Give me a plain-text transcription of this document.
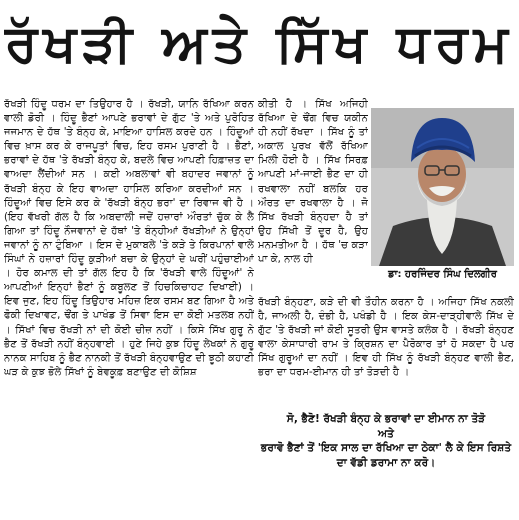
ਰੱਖੜੀ ਅਤੇ ਸਿੱਖ ਧਰਮ

ਰੱਖੜੀ ਹਿੰਦੂ ਧਰਮ ਦਾ ਤਿਉਹਾਰ ਹੈ । ਰੱਖੜੀ, ਯਾਨਿ ਰੱਖਿਆ ਕਰਨ ਵਾਲੀ ਡੋਰੀ । ਹਿੰਦੂ ਭੈਣਾਂ ਆਪਣੇ ਭਰਾਵਾਂ ਦੇ ਗੁੱਟ 'ਤੇ ਅਤੇ ਪੁਰੋਹਿਤ ਜਜਮਾਨ ਦੇ ਹੱਥ 'ਤੇ ਬੰਨ੍ਹ ਕੇ, ਮਾਇਆ ਹਾਸਿਲ ਕਰਦੇ ਹਨ । ਹਿੰਦੂਆਂ ਵਿਚ ਖ਼ਾਸ ਕਰ ਕੇ ਰਾਜਪੂਤਾਂ ਵਿਚ, ਇਹ ਰਸਮ ਪੁਰਾਣੀ ਹੈ । ਭੈਣਾਂ, ਭਰਾਵਾਂ ਦੇ ਹੱਥ 'ਤੇ ਰੱਖੜੀ ਬੰਨ੍ਹ ਕੇ, ਬਦਲੇ ਵਿਚ ਆਪਣੀ ਹਿਫ਼ਾਜ਼ਤ ਦਾ ਵਾਅਦਾ ਲੈਂਦੀਆਂ ਸਨ । ਕਈ ਅਬਲਾਵਾਂ ਵੀ ਬਹਾਦਰ ਜਵਾਨਾਂ ਨੂੰ ਰੱਖੜੀ ਬੰਨ੍ਹ ਕੇ ਇਹ ਵਾਅਦਾ ਹਾਸਿਲ ਕਰਿਆ ਕਰਦੀਆਂ ਸਨ । ਹਿੰਦੂਆਂ ਵਿਚ ਇਸੇ ਕਰ ਕੇ 'ਰੱਖੜੀ ਬੰਨ੍ਹ ਭਰਾ' ਦਾ ਰਿਵਾਜ ਵੀ ਹੈ । (ਇਹ ਵੱਖਰੀ ਗੱਲ ਹੈ ਕਿ ਅਬਦਾਲੀ ਜਦੋਂ ਹਜ਼ਾਰਾਂ ਔਰਤਾਂ ਚੁੱਕ ਕੇ ਲੈ ਗਿਆ ਤਾਂ ਹਿੰਦੂ ਨੌਜਵਾਨਾਂ ਦੇ ਹੱਥਾਂ 'ਤੇ ਬੰਨ੍ਹੀਆਂ ਰੱਖੜੀਆਂ ਨੇ ਉਨ੍ਹਾਂ ਜਵਾਨਾਂ ਨੂੰ ਨਾ ਟੁੰਬਿਆ । ਇਸ ਦੇ ਮੁਕਾਬਲੇ 'ਤੇ ਕੜੇ ਤੇ ਕਿਰਪਾਨਾਂ ਵਾਲੇ ਸਿੰਘਾਂ ਨੇ ਹਜ਼ਾਰਾਂ ਹਿੰਦੂ ਕੁੜੀਆਂ ਬਚਾ ਕੇ ਉਨ੍ਹਾਂ ਦੇ ਘਰੀਂ ਪਹੁੰਚਾਈਆਂ । ਹੋਰ ਕਮਾਲ ਦੀ ਤਾਂ ਗੱਲ ਇਹ ਹੈ ਕਿ 'ਰੱਖੜੀ ਵਾਲੇ ਹਿੰਦੂਆਂ' ਨੇ ਆਪਣੀਆਂ ਇਨ੍ਹਾਂ ਭੈਣਾਂ ਨੂੰ ਕਬੂਲਣ ਤੋਂ ਹਿਚਕਿਚਾਹਟ ਦਿਖਾਈ) । ਇਵ ਜੁਣ, ਇਹ ਹਿੰਦੂ ਤਿਉਹਾਰ ਮਹਿਜ਼ ਇਕ ਰਸਮ ਬਣ ਗਿਆ ਹੈ ਅਤੇ ਫੋਕੀ ਦਿਖਾਵਟ, ਢੌਂਗ ਤੇ ਪਾਖੰਡ ਤੋਂ ਸਿਵਾ ਇਸ ਦਾ ਕੋਈ ਮਤਲਬ ਨਹੀਂ । ਸਿੱਖਾਂ ਵਿਚ ਰੱਖੜੀ ਨਾਂ ਦੀ ਕੋਈ ਚੀਜ਼ ਨਹੀਂ । ਕਿਸੇ ਸਿੱਖ ਗੁਰੂ ਨੇ ਭੈਣ ਤੋਂ ਰੱਖੜੀ ਨਹੀਂ ਬੰਨ੍ਹਵਾਈ । ਹੁਣੇ ਜਿਹੇ ਕੁਝ ਹਿੰਦੂ ਲੇਖਕਾਂ ਨੇ ਗੁਰੂ ਨਾਨਕ ਸਾਹਿਬ ਨੂੰ ਭੈਣ ਨਾਨਕੀ ਤੋਂ ਰੱਖੜੀ ਬੰਨ੍ਹਵਾਉਣ ਦੀ ਝੂਠੀ ਕਹਾਣੀ ਘੜ ਕੇ ਕੁਝ ਭੋਲੇ ਸਿੱਖਾਂ ਨੂੰ ਬੇਵਕੂਫ਼ ਬਣਾਉਣ ਦੀ ਕੋਸ਼ਿਸ਼

ਕੀਤੀ ਹੈ । ਸਿੱਖ ਅਜਿਹੀ ਰੱਖਿਆ ਦੇ ਢੌਂਗ ਵਿਚ ਯਕੀਨ ਹੀ ਨਹੀਂ ਰੱਖਦਾ । ਸਿੱਖ ਨੂੰ ਤਾਂ ਅਕਾਲ ਪੁਰਖ ਵੱਲੋਂ ਰੱਖਿਆ ਮਿਲੀ ਹੋਈ ਹੈ । ਸਿੱਖ ਸਿਰਫ਼ ਆਪਣੀ ਮਾਂ-ਜਾਈ ਭੈਣ ਦਾ ਹੀ ਰਖਵਾਲਾ ਨਹੀਂ ਬਲਕਿ ਹਰ ਔਰਤ ਦਾ ਰਖਵਾਲਾ ਹੈ । ਜੋ ਸਿੱਖ ਰੱਖੜੀ ਬੰਨ੍ਹਦਾ ਹੈ ਤਾਂ ਉਹ ਸਿੱਖੀ ਤੋਂ ਦੂਰ ਹੈ, ਉਹ ਮਨਮਤੀਆ ਹੈ । ਹੱਥ 'ਚ ਕੜਾ ਪਾ ਕੇ, ਨਾਲ ਹੀ

ਡਾ: ਹਰਜਿੰਦਰ ਸਿੰਘ ਦਿਲਗੀਰ

ਰੱਖੜੀ ਬੰਨ੍ਹਣਾ, ਕੜੇ ਦੀ ਵੀ ਤੌਹੀਨ ਕਰਨਾ ਹੈ । ਅਜਿਹਾ ਸਿੱਖ ਨਕਲੀ ਹੈ, ਜਾਅਲੀ ਹੈ, ਦੰਭੀ ਹੈ, ਪਖੰਡੀ ਹੈ । ਇਕ ਕੇਸ-ਦਾੜ੍ਹੀਵਾਲੇ ਸਿੱਖ ਦੇ ਗੁੱਟ 'ਤੇ ਰੱਖੜੀ ਜਾਂ ਕੋਈ ਸੂਤਰੀ ਉਸ ਵਾਸਤੇ ਕਲੰਕ ਹੈ । ਰੱਖੜੀ ਬੰਨ੍ਹਣ ਵਾਲਾ ਕੇਸਾਧਾਰੀ ਰਾਮ ਤੇ ਕ੍ਰਿਸ਼ਨ ਦਾ ਪੈਰੋਕਾਰ ਤਾਂ ਹੋ ਸਕਦਾ ਹੈ ਪਰ ਸਿੱਖ ਗੁਰੂਆਂ ਦਾ ਨਹੀਂ । ਇਵ ਹੀ ਸਿੱਖ ਨੂੰ ਰੱਖੜੀ ਬੰਨ੍ਹਣ ਵਾਲੀ ਭੈਣ, ਭਰਾ ਦਾ ਧਰਮ-ਈਮਾਨ ਹੀ ਤਾਂ ਤੋੜਦੀ ਹੈ ।

ਸੋ, ਭੈਣੋ! ਰੱਖੜੀ ਬੰਨ੍ਹ ਕੇ ਭਰਾਵਾਂ ਦਾ ਈਮਾਨ ਨਾ ਤੋੜੋ
ਅਤੇ
ਭਰਾਵੋ ਭੈਣਾਂ ਤੋਂ 'ਇਕ ਸਾਲ ਦਾ ਰੱਖਿਆ ਦਾ ਠੇਕਾ' ਲੈ ਕੇ ਇਸ ਰਿਸ਼ਤੇ ਦਾ ਵੱਡੀ ਡਰਾਮਾ ਨਾ ਕਰੋ।
